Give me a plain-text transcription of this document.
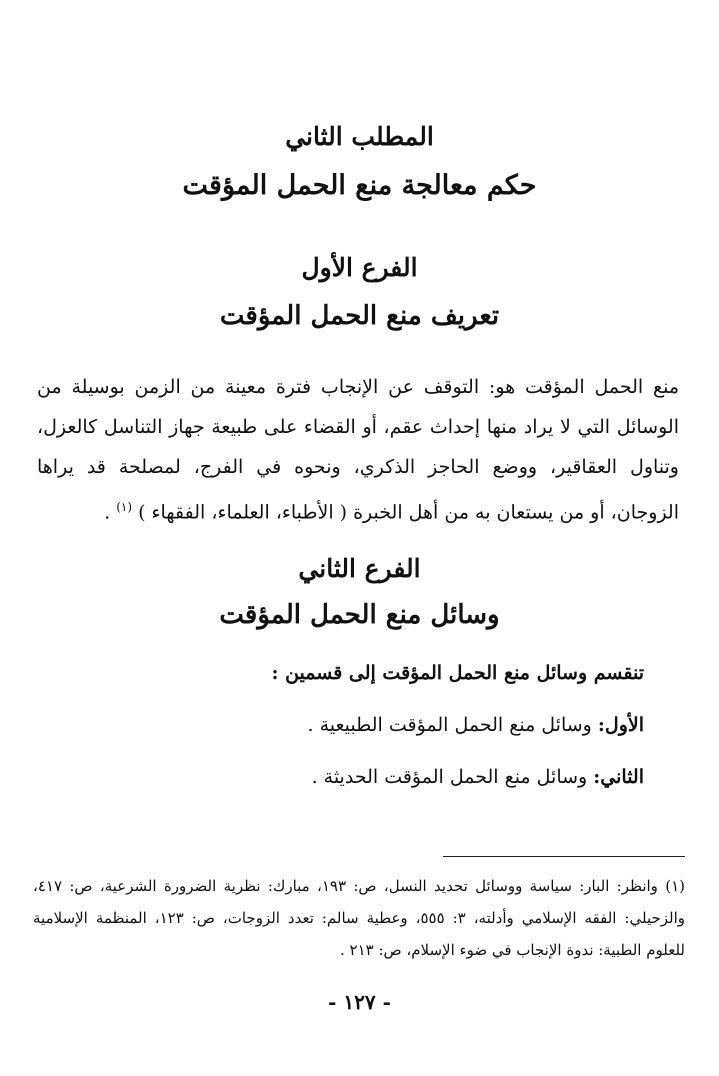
المطلب الثاني
حكم معالجة منع الحمل المؤقت
الفرع الأول
تعريف منع الحمل المؤقت
منع الحمل المؤقت هو: التوقف عن الإنجاب فترة معينة من الزمن بوسيلة من الوسائل التي لا يراد منها إحداث عقم، أو القضاء على طبيعة جهاز التناسل كالعزل، وتناول العقاقير، ووضع الحاجز الذكري، ونحوه في الفرج، لمصلحة قد يراها الزوجان، أو من يستعان به من أهل الخبرة ( الأطباء، العلماء، الفقهاء ) $^{(١)}$ .
الفرع الثاني
وسائل منع الحمل المؤقت
تنقسم وسائل منع الحمل المؤقت إلى قسمين :
الأول: وسائل منع الحمل المؤقت الطبيعية .
الثاني: وسائل منع الحمل المؤقت الحديثة .
(١) وانظر: البار: سياسة ووسائل تحديد النسل، ص: ١٩٣، مبارك: نظرية الضرورة الشرعية، ص: ٤١٧، والزحيلي: الفقه الإسلامي وأدلته، ٣: ٥٥٥، وعطية سالم: تعدد الزوجات، ص: ١٢٣، المنظمة الإسلامية للعلوم الطبية: ندوة الإنجاب في ضوء الإسلام، ص: ٢١٣ .
- ١٢٧ -
